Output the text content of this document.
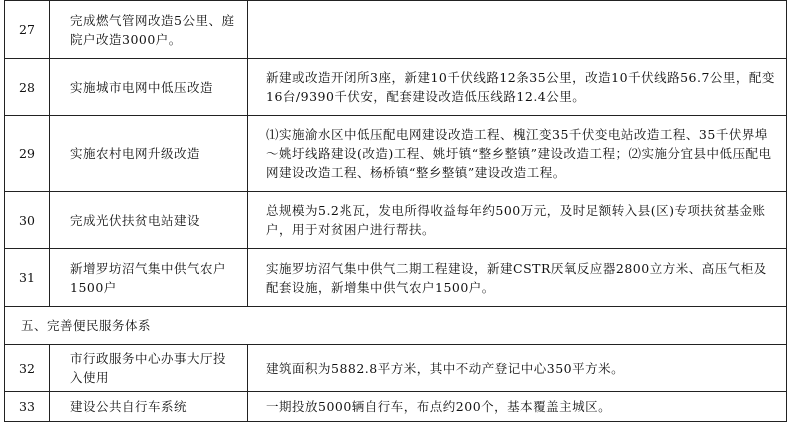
27	完成燃气管网改造5公里、庭院户改造3000户。	
28	实施城市电网中低压改造	新建或改造开闭所3座，新建10千伏线路12条35公里，改造10千伏线路56.7公里，配变16台/9390千伏安，配套建设改造低压线路12.4公里。
29	实施农村电网升级改造	⑴实施渝水区中低压配电网建设改造工程、槐江变35千伏变电站改造工程、35千伏界埠～姚圩线路建设(改造)工程、姚圩镇“整乡整镇”建设改造工程；⑵实施分宜县中低压配电网建设改造工程、杨桥镇“整乡整镇”建设改造工程。
30	完成光伏扶贫电站建设	总规模为5.2兆瓦，发电所得收益每年约500万元，及时足额转入县(区)专项扶贫基金账户，用于对贫困户进行帮扶。
31	新增罗坊沼气集中供气农户1500户	实施罗坊沼气集中供气二期工程建设，新建CSTR厌氧反应器2800立方米、高压气柜及配套设施，新增集中供气农户1500户。
五、完善便民服务体系		
32	市行政服务中心办事大厅投入使用	建筑面积为5882.8平方米，其中不动产登记中心350平方米。
33	建设公共自行车系统	一期投放5000辆自行车，布点约200个，基本覆盖主城区。
